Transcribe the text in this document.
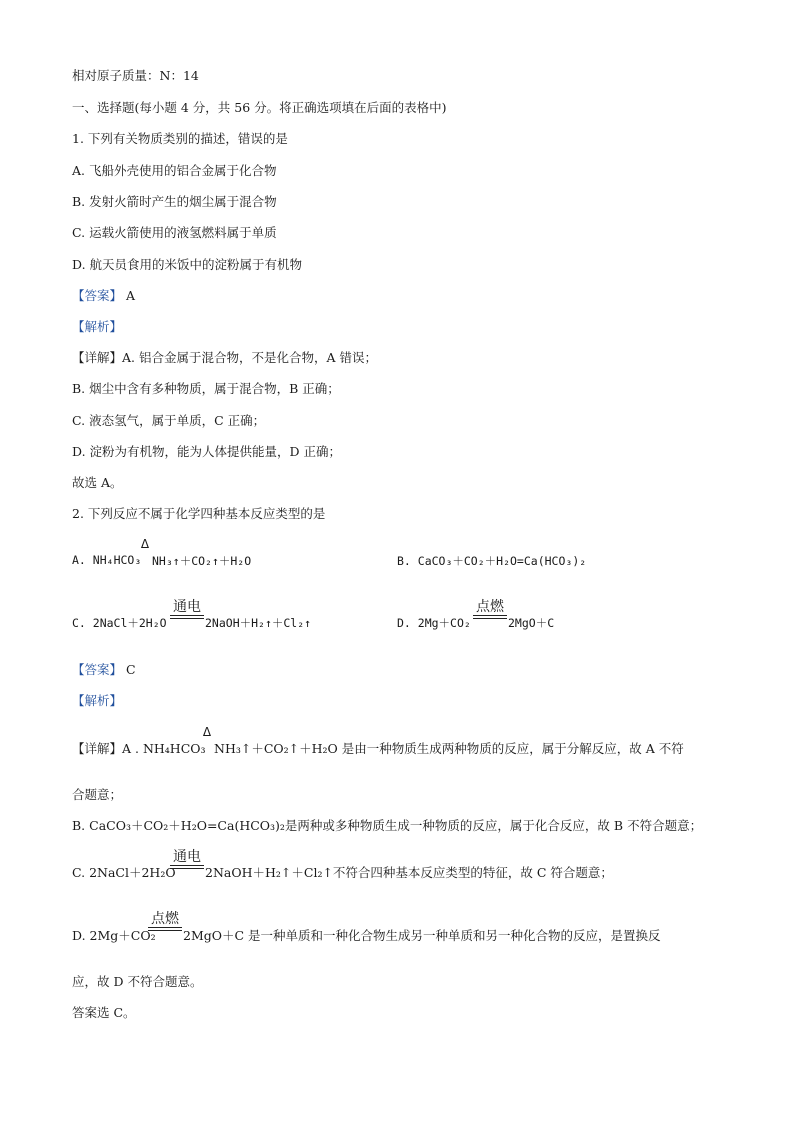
相对原子质量：N：14
一、选择题(每小题 4 分，共 56 分。将正确选项填在后面的表格中)
1. 下列有关物质类别的描述，错误的是
A. 飞船外壳使用的铝合金属于化合物
B. 发射火箭时产生的烟尘属于混合物
C. 运载火箭使用的液氢燃料属于单质
D. 航天员食用的米饭中的淀粉属于有机物
【答案】 A
【解析】
【详解】A. 铝合金属于混合物，不是化合物，A 错误；
B. 烟尘中含有多种物质，属于混合物，B 正确；
C. 液态氢气，属于单质，C 正确；
D. 淀粉为有机物，能为人体提供能量，D 正确；
故选 A。
2. 下列反应不属于化学四种基本反应类型的是
A. NH₄HCO₃
Δ
NH₃↑＋CO₂↑＋H₂O	B. CaCO₃＋CO₂＋H₂O=Ca(HCO₃)₂
C. 2NaCl＋2H₂O
通电
2NaOH＋H₂↑＋Cl₂↑	D. 2Mg＋CO₂
点燃
2MgO＋C
【答案】 C
【解析】
【详解】A . NH₄HCO₃
Δ
NH₃↑＋CO₂↑＋H₂O 是由一种物质生成两种物质的反应，属于分解反应，故 A 不符
合题意；
B. CaCO₃＋CO₂＋H₂O=Ca(HCO₃)₂是两种或多种物质生成一种物质的反应，属于化合反应，故 B 不符合题意；
C. 2NaCl＋2H₂O
通电
2NaOH＋H₂↑＋Cl₂↑不符合四种基本反应类型的特征，故 C 符合题意；
D. 2Mg＋CO₂
点燃
2MgO＋C 是一种单质和一种化合物生成另一种单质和另一种化合物的反应，是置换反
应，故 D 不符合题意。
答案选 C。
